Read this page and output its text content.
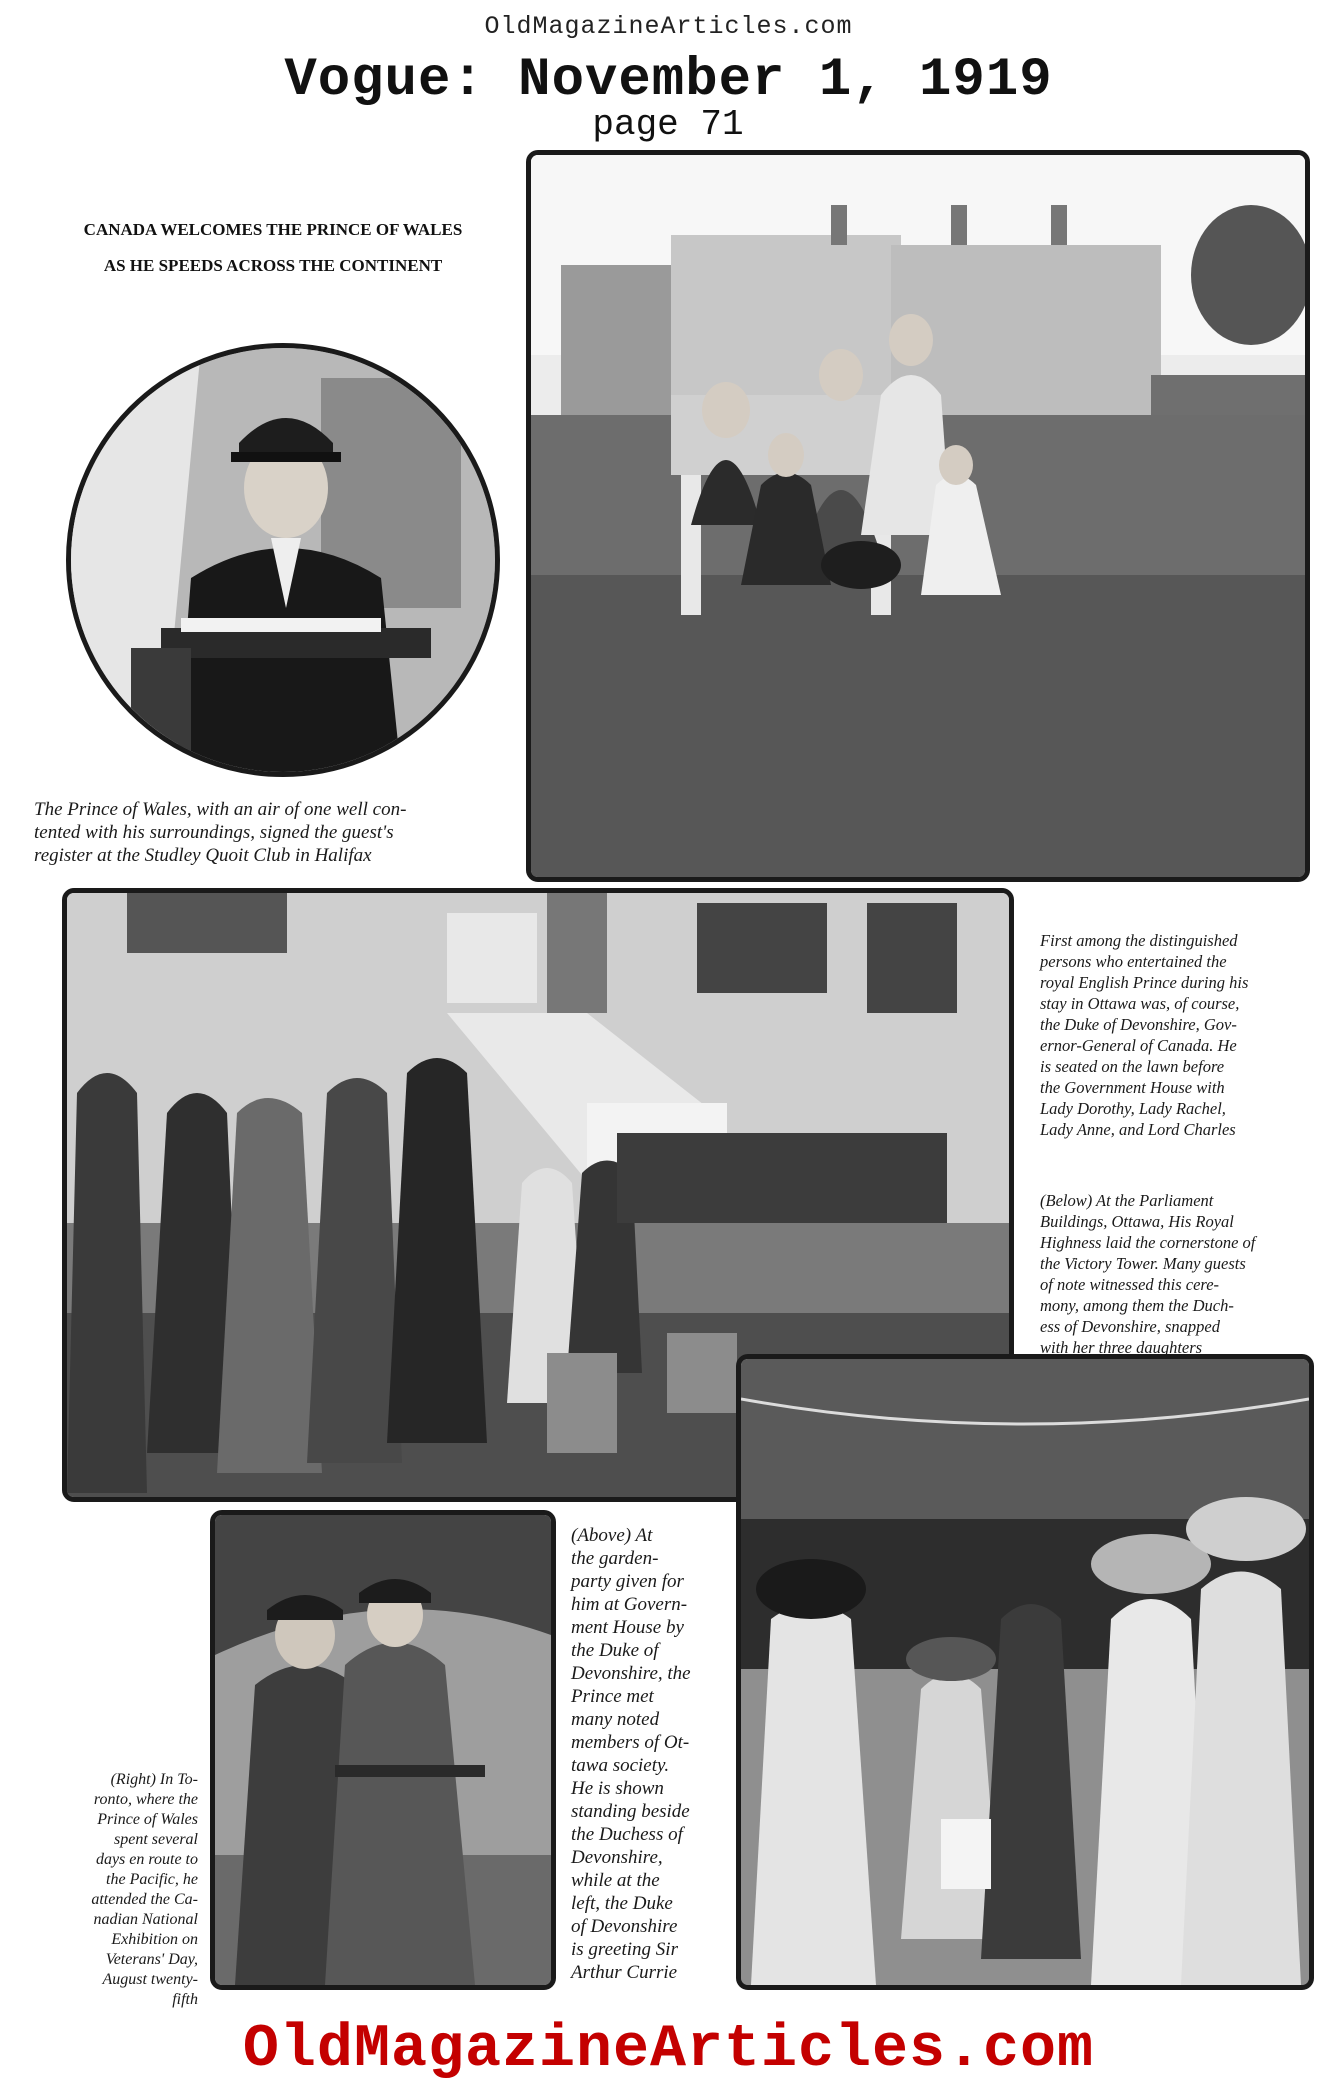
OldMagazineArticles.com
Vogue: November 1, 1919
page 71
CANADA WELCOMES THE PRINCE OF WALES
AS HE SPEEDS ACROSS THE CONTINENT
The Prince of Wales, with an air of one well con-
tented with his surroundings, signed the guest's
register at the Studley Quoit Club in Halifax
First among the distinguished
persons who entertained the
royal English Prince during his
stay in Ottawa was, of course,
the Duke of Devonshire, Gov-
ernor-General of Canada. He
is seated on the lawn before
the Government House with
Lady Dorothy, Lady Rachel,
Lady Anne, and Lord Charles
(Below) At the Parliament
Buildings, Ottawa, His Royal
Highness laid the cornerstone of
the Victory Tower. Many guests
of note witnessed this cere-
mony, among them the Duch-
ess of Devonshire, snapped
with her three daughters
(Above) At
the garden-
party given for
him at Govern-
ment House by
the Duke of
Devonshire, the
Prince met
many noted
members of Ot-
tawa society.
He is shown
standing beside
the Duchess of
Devonshire,
while at the
left, the Duke
of Devonshire
is greeting Sir
Arthur Currie
(Right) In To-
ronto, where the
Prince of Wales
spent several
days en route to
the Pacific, he
attended the Ca-
nadian National
Exhibition on
Veterans' Day,
August twenty-
fifth
OldMagazineArticles.com
